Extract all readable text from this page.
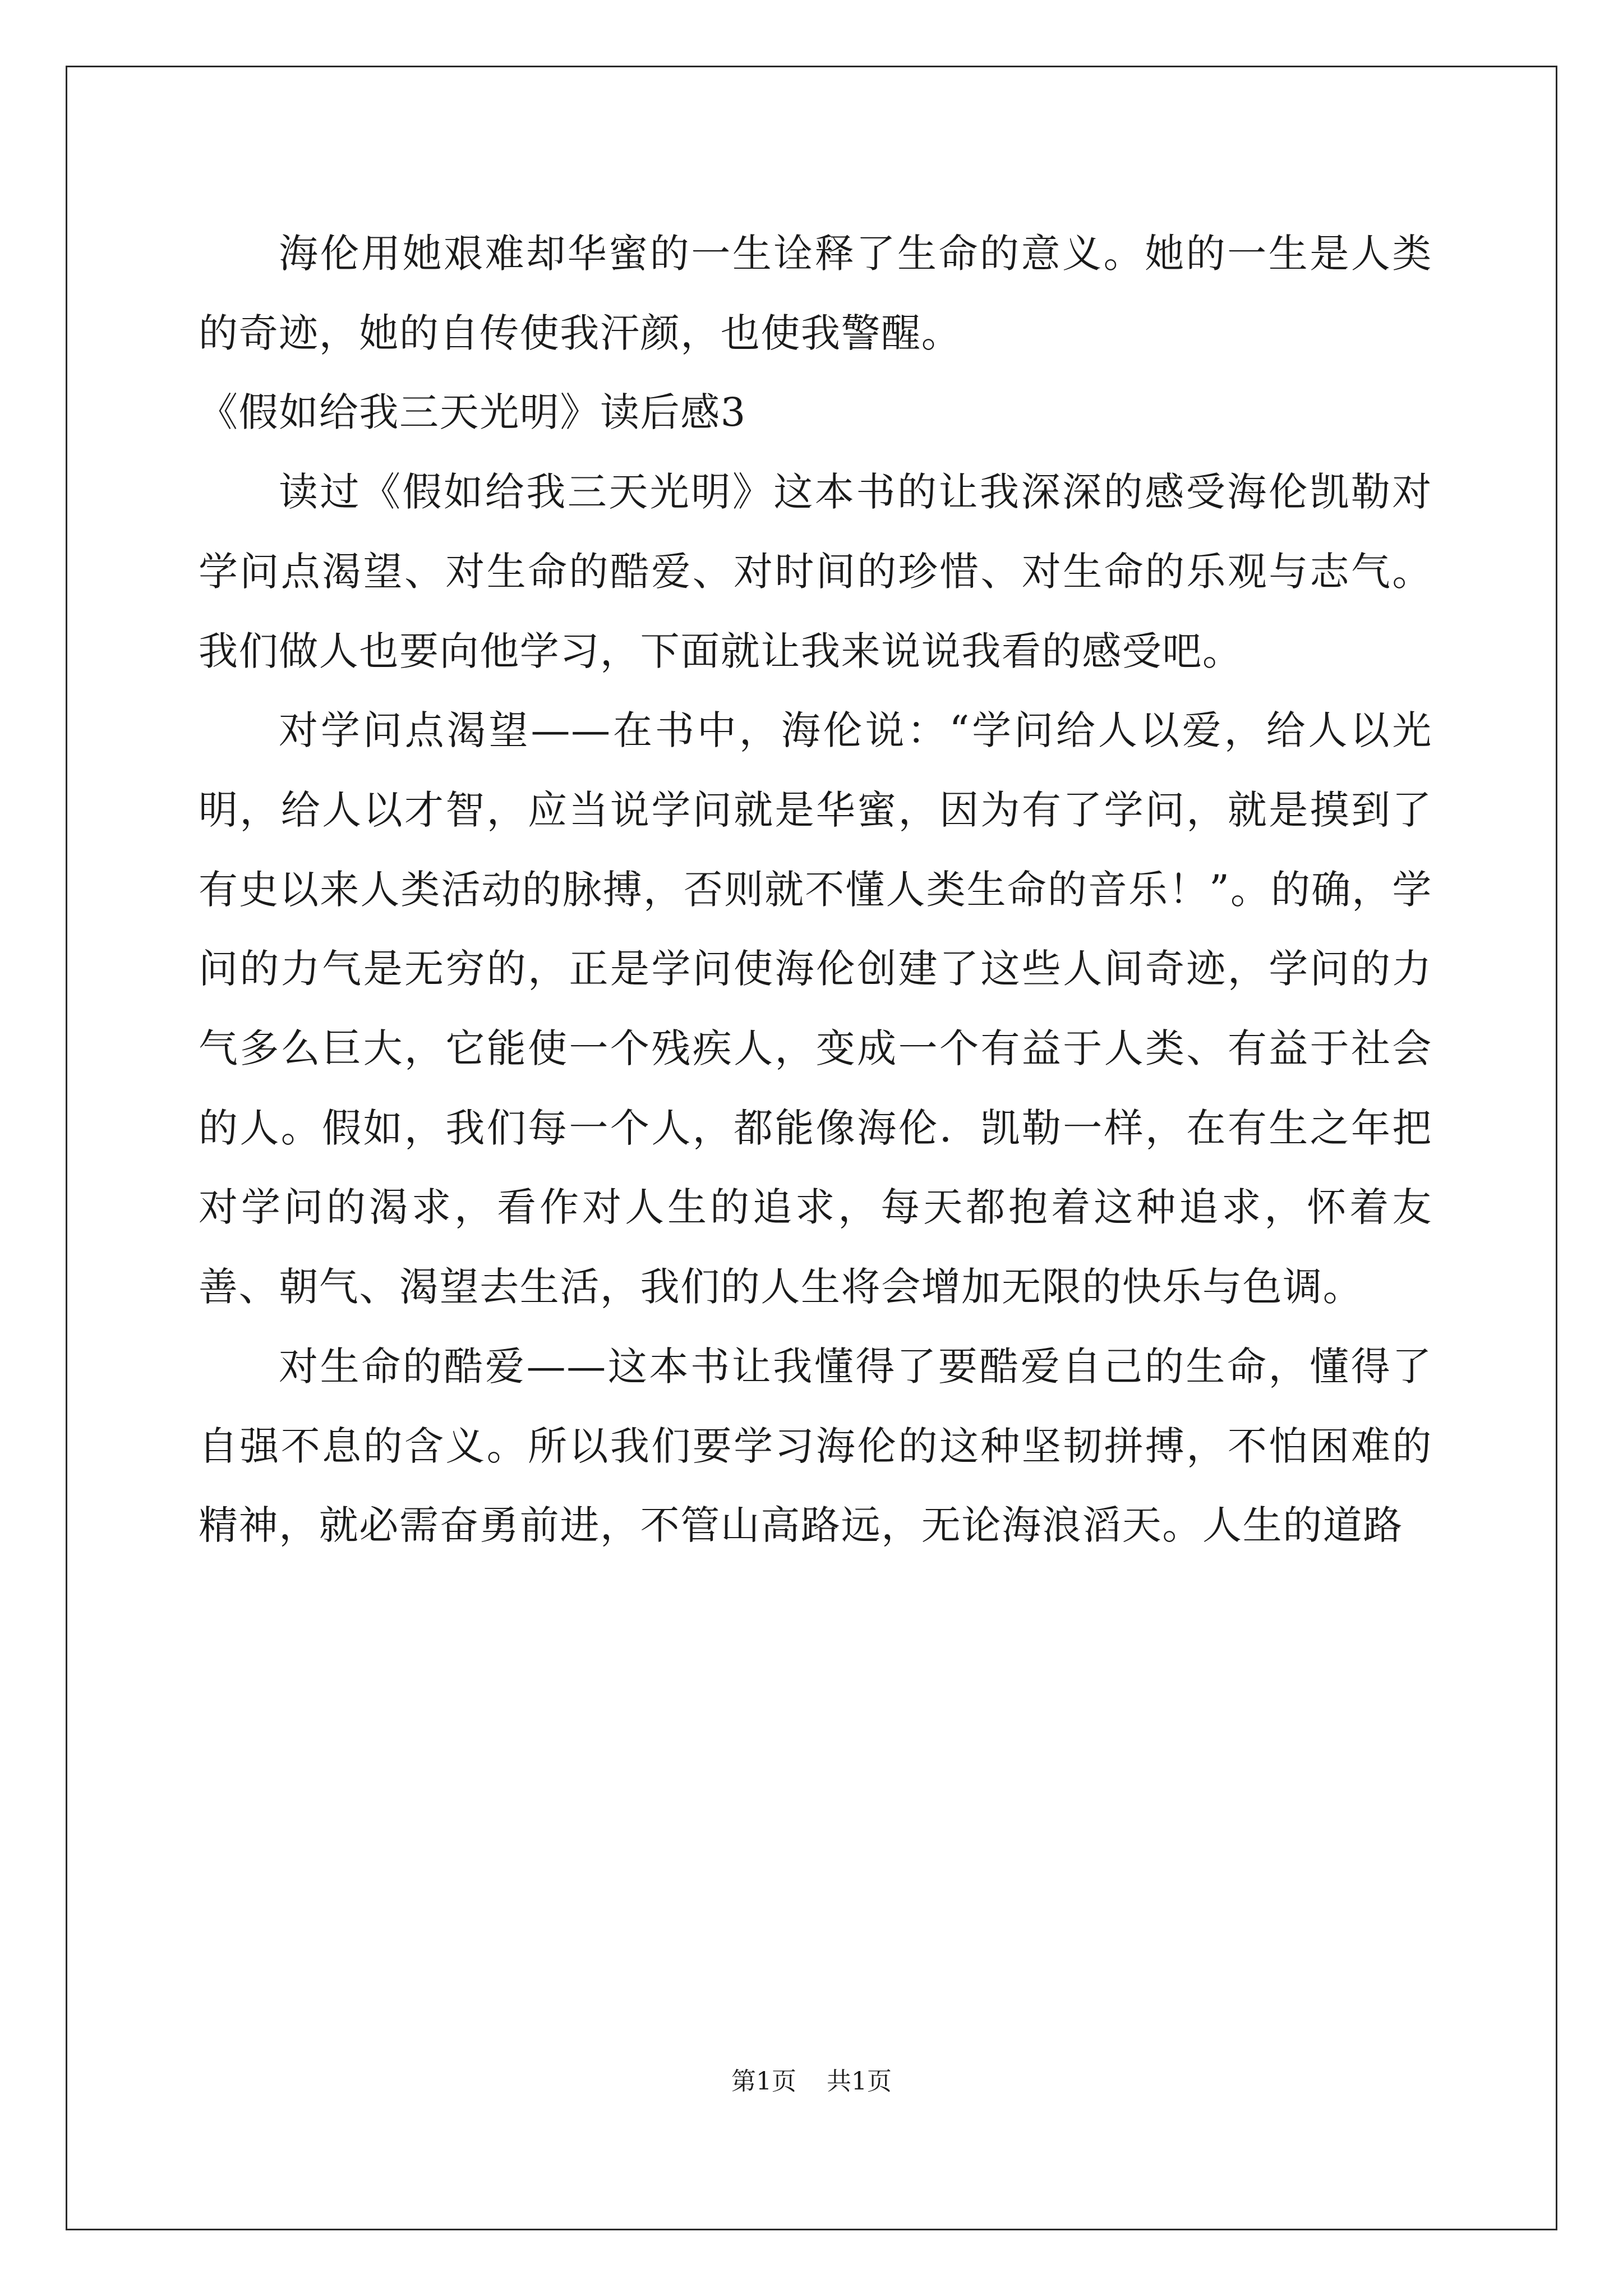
海伦用她艰难却华蜜的一生诠释了生命的意义。她的一生是人类的奇迹，她的自传使我汗颜，也使我警醒。

《假如给我三天光明》读后感3

读过《假如给我三天光明》这本书的让我深深的感受海伦凯勒对学问点渴望、对生命的酷爱、对时间的珍惜、对生命的乐观与志气。我们做人也要向他学习，下面就让我来说说我看的感受吧。

对学问点渴望——在书中，海伦说：“学问给人以爱，给人以光明，给人以才智，应当说学问就是华蜜，因为有了学问，就是摸到了有史以来人类活动的脉搏，否则就不懂人类生命的音乐！”。的确，学问的力气是无穷的，正是学问使海伦创建了这些人间奇迹，学问的力气多么巨大，它能使一个残疾人，变成一个有益于人类、有益于社会的人。假如，我们每一个人，都能像海伦．凯勒一样，在有生之年把对学问的渴求，看作对人生的追求，每天都抱着这种追求，怀着友善、朝气、渴望去生活，我们的人生将会增加无限的快乐与色调。

对生命的酷爱——这本书让我懂得了要酷爱自己的生命，懂得了自强不息的含义。所以我们要学习海伦的这种坚韧拼搏，不怕困难的精神，就必需奋勇前进，不管山高路远，无论海浪滔天。人生的道路

第1页 共1页
